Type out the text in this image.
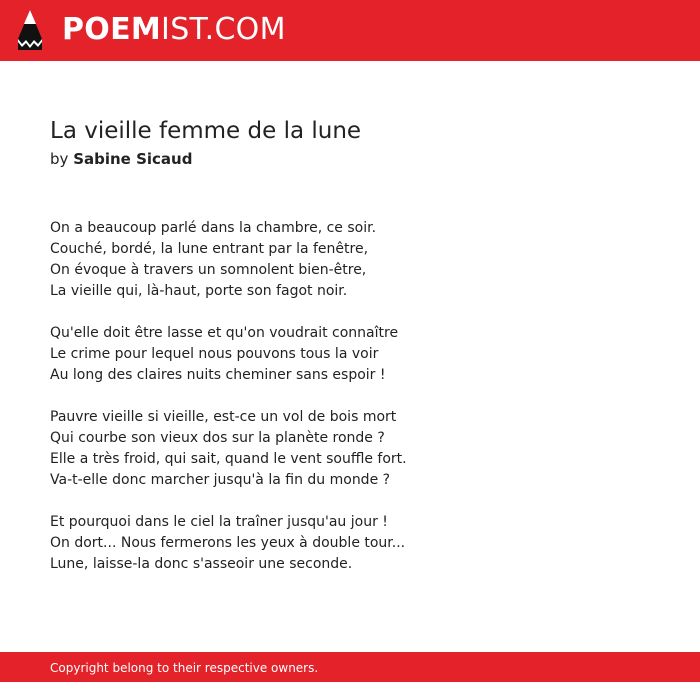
POEMIST.COM
La vieille femme de la lune
by Sabine Sicaud
On a beaucoup parlé dans la chambre, ce soir.
Couché, bordé, la lune entrant par la fenêtre,
On évoque à travers un somnolent bien-être,
La vieille qui, là-haut, porte son fagot noir.
Qu'elle doit être lasse et qu'on voudrait connaître
Le crime pour lequel nous pouvons tous la voir
Au long des claires nuits cheminer sans espoir !
Pauvre vieille si vieille, est-ce un vol de bois mort
Qui courbe son vieux dos sur la planète ronde ?
Elle a très froid, qui sait, quand le vent souffle fort.
Va-t-elle donc marcher jusqu'à la fin du monde ?
Et pourquoi dans le ciel la traîner jusqu'au jour !
On dort... Nous fermerons les yeux à double tour...
Lune, laisse-la donc s'asseoir une seconde.
Copyright belong to their respective owners.
